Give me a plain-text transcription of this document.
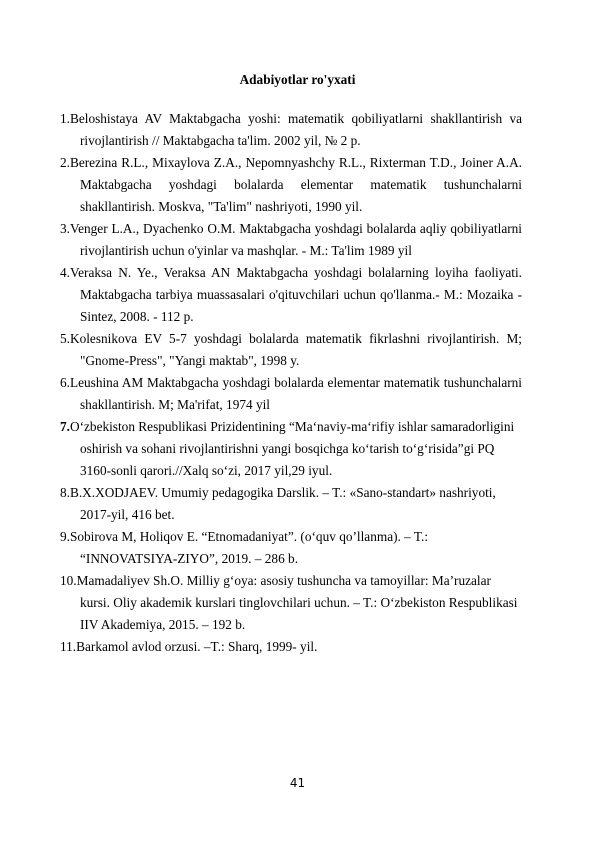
Adabiyotlar ro'yxati
1.Beloshistaya AV Maktabgacha yoshi: matematik qobiliyatlarni shakllantirish va rivojlantirish // Maktabgacha ta'lim. 2002 yil, № 2 p.
2.Berezina R.L., Mixaylova Z.A., Nepomnyashchy R.L., Rixterman T.D., Joiner A.A. Maktabgacha yoshdagi bolalarda elementar matematik tushunchalarni shakllantirish. Moskva, "Ta'lim" nashriyoti, 1990 yil.
3.Venger L.A., Dyachenko O.M. Maktabgacha yoshdagi bolalarda aqliy qobiliyatlarni rivojlantirish uchun o'yinlar va mashqlar. - M.: Ta'lim 1989 yil
4.Veraksa N. Ye., Veraksa AN Maktabgacha yoshdagi bolalarning loyiha faoliyati. Maktabgacha tarbiya muassasalari o'qituvchilari uchun qo'llanma.- M.: Mozaika - Sintez, 2008. - 112 p.
5.Kolesnikova EV 5-7 yoshdagi bolalarda matematik fikrlashni rivojlantirish. M; "Gnome-Press", "Yangi maktab", 1998 y.
6.Leushina AM Maktabgacha yoshdagi bolalarda elementar matematik tushunchalarni shakllantirish. M; Ma'rifat, 1974 yil
7.O‘zbekiston Respublikasi Prizidentining “Ma‘naviy-ma‘rifiy ishlar samaradorligini oshirish va sohani rivojlantirishni yangi bosqichga ko‘tarish to‘g‘risida”gi PQ 3160-sonli qarori.//Xalq so‘zi, 2017 yil,29 iyul.
8.B.X.XODJAEV. Umumiy pedagogika Darslik. – T.: «Sano-standart» nashriyoti, 2017-yil, 416 bet.
9.Sobirova M, Holiqov E. “Etnomadaniyat”. (o‘quv qo’llanma). – T.: “INNOVATSIYA-ZIYO”, 2019. – 286 b.
10.Mamadaliyev Sh.O. Milliy g‘oya: asosiy tushuncha va tamoyillar: Ma’ruzalar kursi. Oliy akademik kurslari tinglovchilari uchun. – T.: O‘zbekiston Respublikasi IIV Akademiya, 2015. – 192 b.
11.Barkamol avlod orzusi. –T.: Sharq, 1999- yil.
41
